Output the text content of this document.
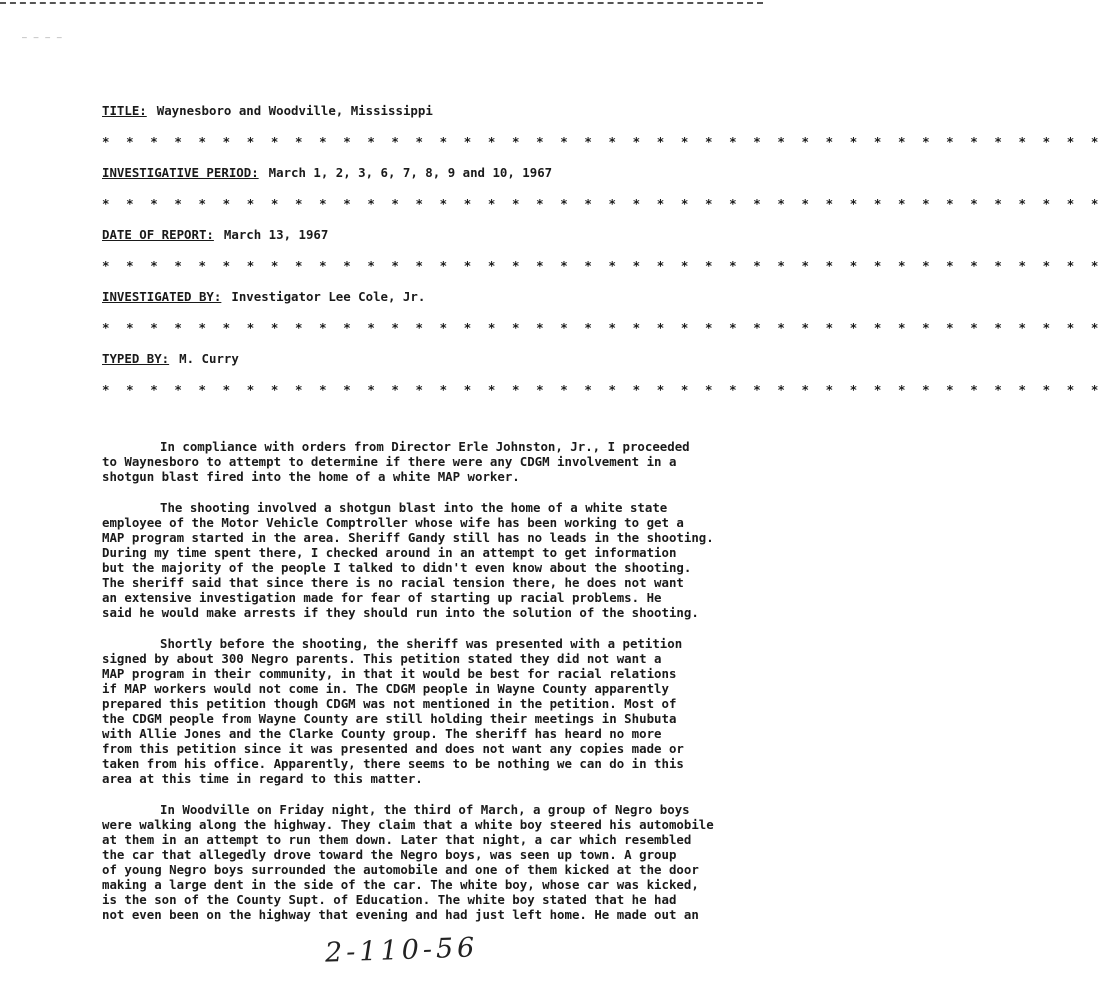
— — — —
TITLE: Waynesboro and Woodville, Mississippi
* * * * * * * * * * * * * * * * * * * * * * * * * * * * * * * * * * * * * * * * * *
INVESTIGATIVE PERIOD: March 1, 2, 3, 6, 7, 8, 9 and 10, 1967
* * * * * * * * * * * * * * * * * * * * * * * * * * * * * * * * * * * * * * * * * *
DATE OF REPORT: March 13, 1967
* * * * * * * * * * * * * * * * * * * * * * * * * * * * * * * * * * * * * * * * * *
INVESTIGATED BY: Investigator Lee Cole, Jr.
* * * * * * * * * * * * * * * * * * * * * * * * * * * * * * * * * * * * * * * * * *
TYPED BY: M. Curry
* * * * * * * * * * * * * * * * * * * * * * * * * * * * * * * * * * * * * * * * * *
In compliance with orders from Director Erle Johnston, Jr., I proceeded
to Waynesboro to attempt to determine if there were any CDGM involvement in a
shotgun blast fired into the home of a white MAP worker.
The shooting involved a shotgun blast into the home of a white state
employee of the Motor Vehicle Comptroller whose wife has been working to get a
MAP program started in the area. Sheriff Gandy still has no leads in the shooting.
During my time spent there, I checked around in an attempt to get information
but the majority of the people I talked to didn't even know about the shooting.
The sheriff said that since there is no racial tension there, he does not want
an extensive investigation made for fear of starting up racial problems. He
said he would make arrests if they should run into the solution of the shooting.
Shortly before the shooting, the sheriff was presented with a petition
signed by about 300 Negro parents. This petition stated they did not want a
MAP program in their community, in that it would be best for racial relations
if MAP workers would not come in. The CDGM people in Wayne County apparently
prepared this petition though CDGM was not mentioned in the petition. Most of
the CDGM people from Wayne County are still holding their meetings in Shubuta
with Allie Jones and the Clarke County group. The sheriff has heard no more
from this petition since it was presented and does not want any copies made or
taken from his office. Apparently, there seems to be nothing we can do in this
area at this time in regard to this matter.
In Woodville on Friday night, the third of March, a group of Negro boys
were walking along the highway. They claim that a white boy steered his automobile
at them in an attempt to run them down. Later that night, a car which resembled
the car that allegedly drove toward the Negro boys, was seen up town. A group
of young Negro boys surrounded the automobile and one of them kicked at the door
making a large dent in the side of the car. The white boy, whose car was kicked,
is the son of the County Supt. of Education. The white boy stated that he had
not even been on the highway that evening and had just left home. He made out an
2-110-56
